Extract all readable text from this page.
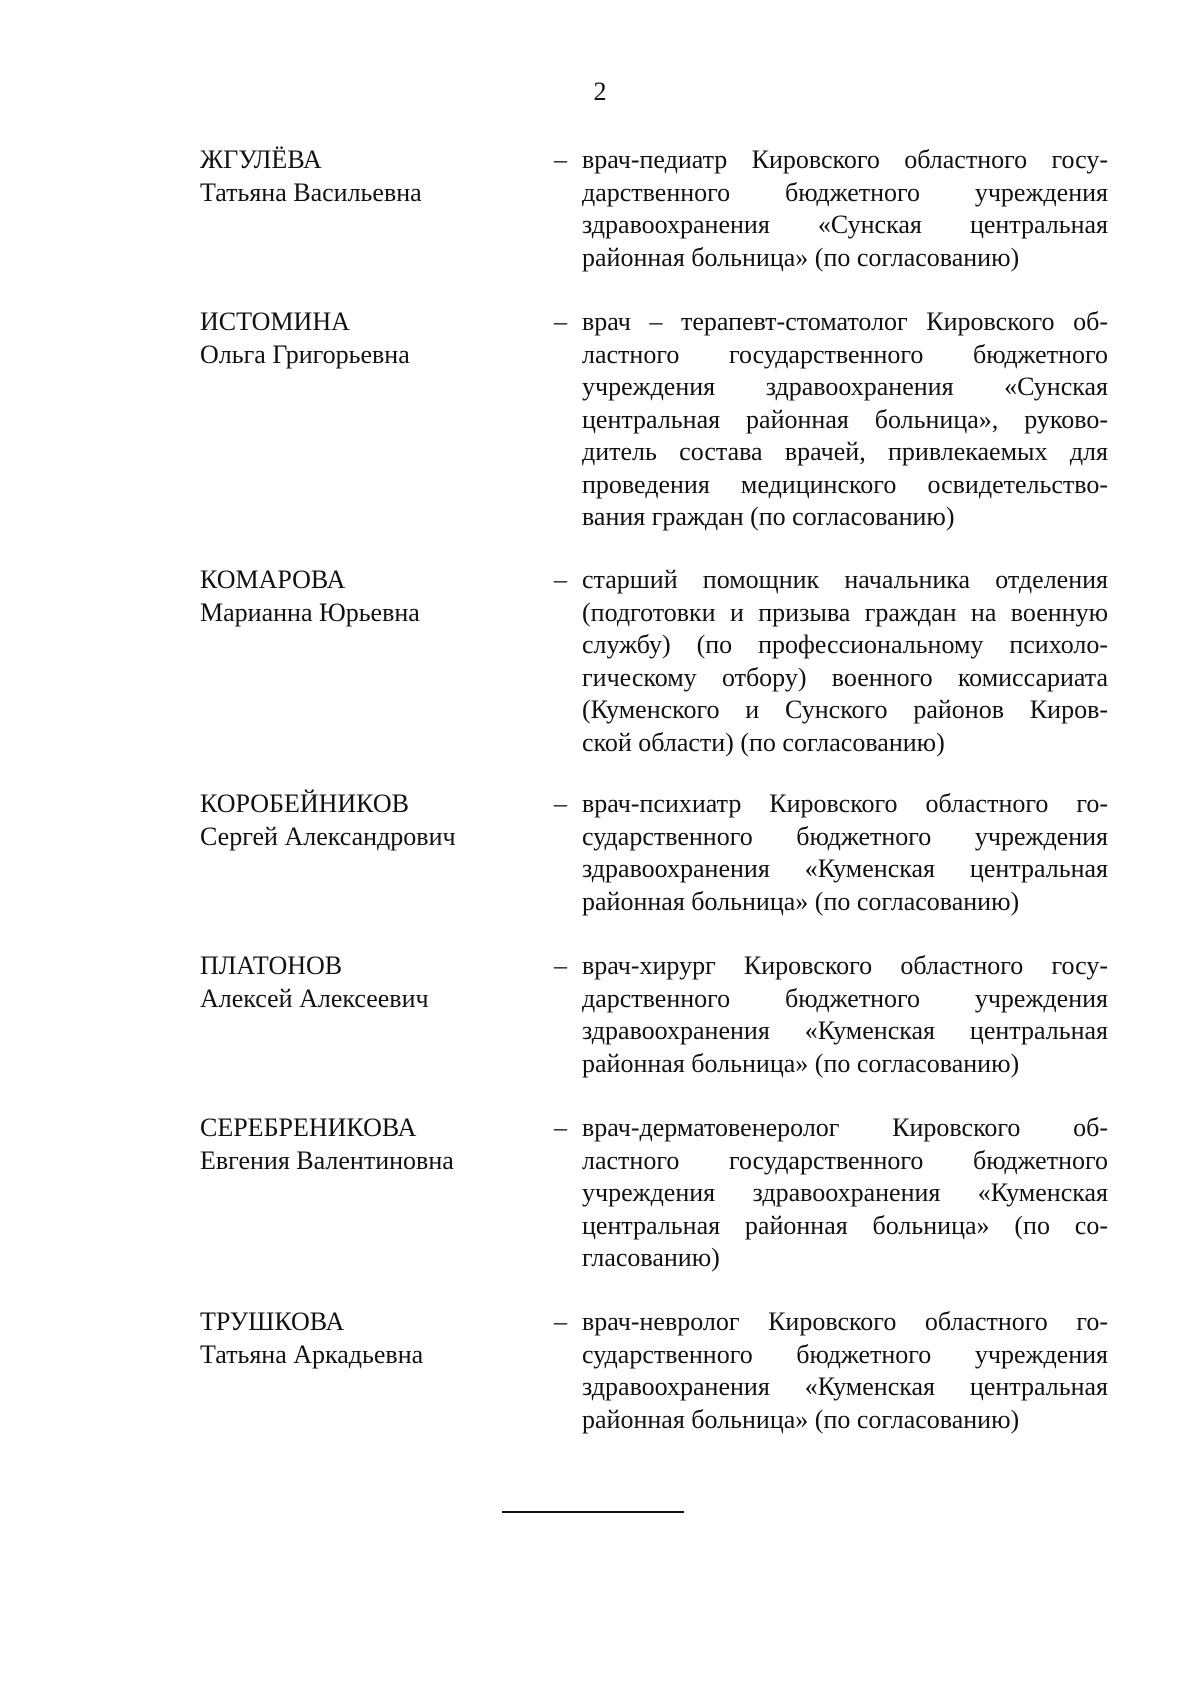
2
ЖГУЛЁВА
Татьяна Васильевна
– врач-педиатр Кировского областного госу-
дарственного бюджетного учреждения
здравоохранения «Сунская центральная
районная больница» (по согласованию)
ИСТОМИНА
Ольга Григорьевна
– врач – терапевт-стоматолог Кировского об-
ластного государственного бюджетного
учреждения здравоохранения «Сунская
центральная районная больница», руково-
дитель состава врачей, привлекаемых для
проведения медицинского освидетельство-
вания граждан (по согласованию)
КОМАРОВА
Марианна Юрьевна
– старший помощник начальника отделения
(подготовки и призыва граждан на военную
службу) (по профессиональному психоло-
гическому отбору) военного комиссариата
(Куменского и Сунского районов Киров-
ской области) (по согласованию)
КОРОБЕЙНИКОВ
Сергей Александрович
– врач-психиатр Кировского областного го-
сударственного бюджетного учреждения
здравоохранения «Куменская центральная
районная больница» (по согласованию)
ПЛАТОНОВ
Алексей Алексеевич
– врач-хирург Кировского областного госу-
дарственного бюджетного учреждения
здравоохранения «Куменская центральная
районная больница» (по согласованию)
СЕРЕБРЕНИКОВА
Евгения Валентиновна
– врач-дерматовенеролог Кировского об-
ластного государственного бюджетного
учреждения здравоохранения «Куменская
центральная районная больница» (по со-
гласованию)
ТРУШКОВА
Татьяна Аркадьевна
– врач-невролог Кировского областного го-
сударственного бюджетного учреждения
здравоохранения «Куменская центральная
районная больница» (по согласованию)
